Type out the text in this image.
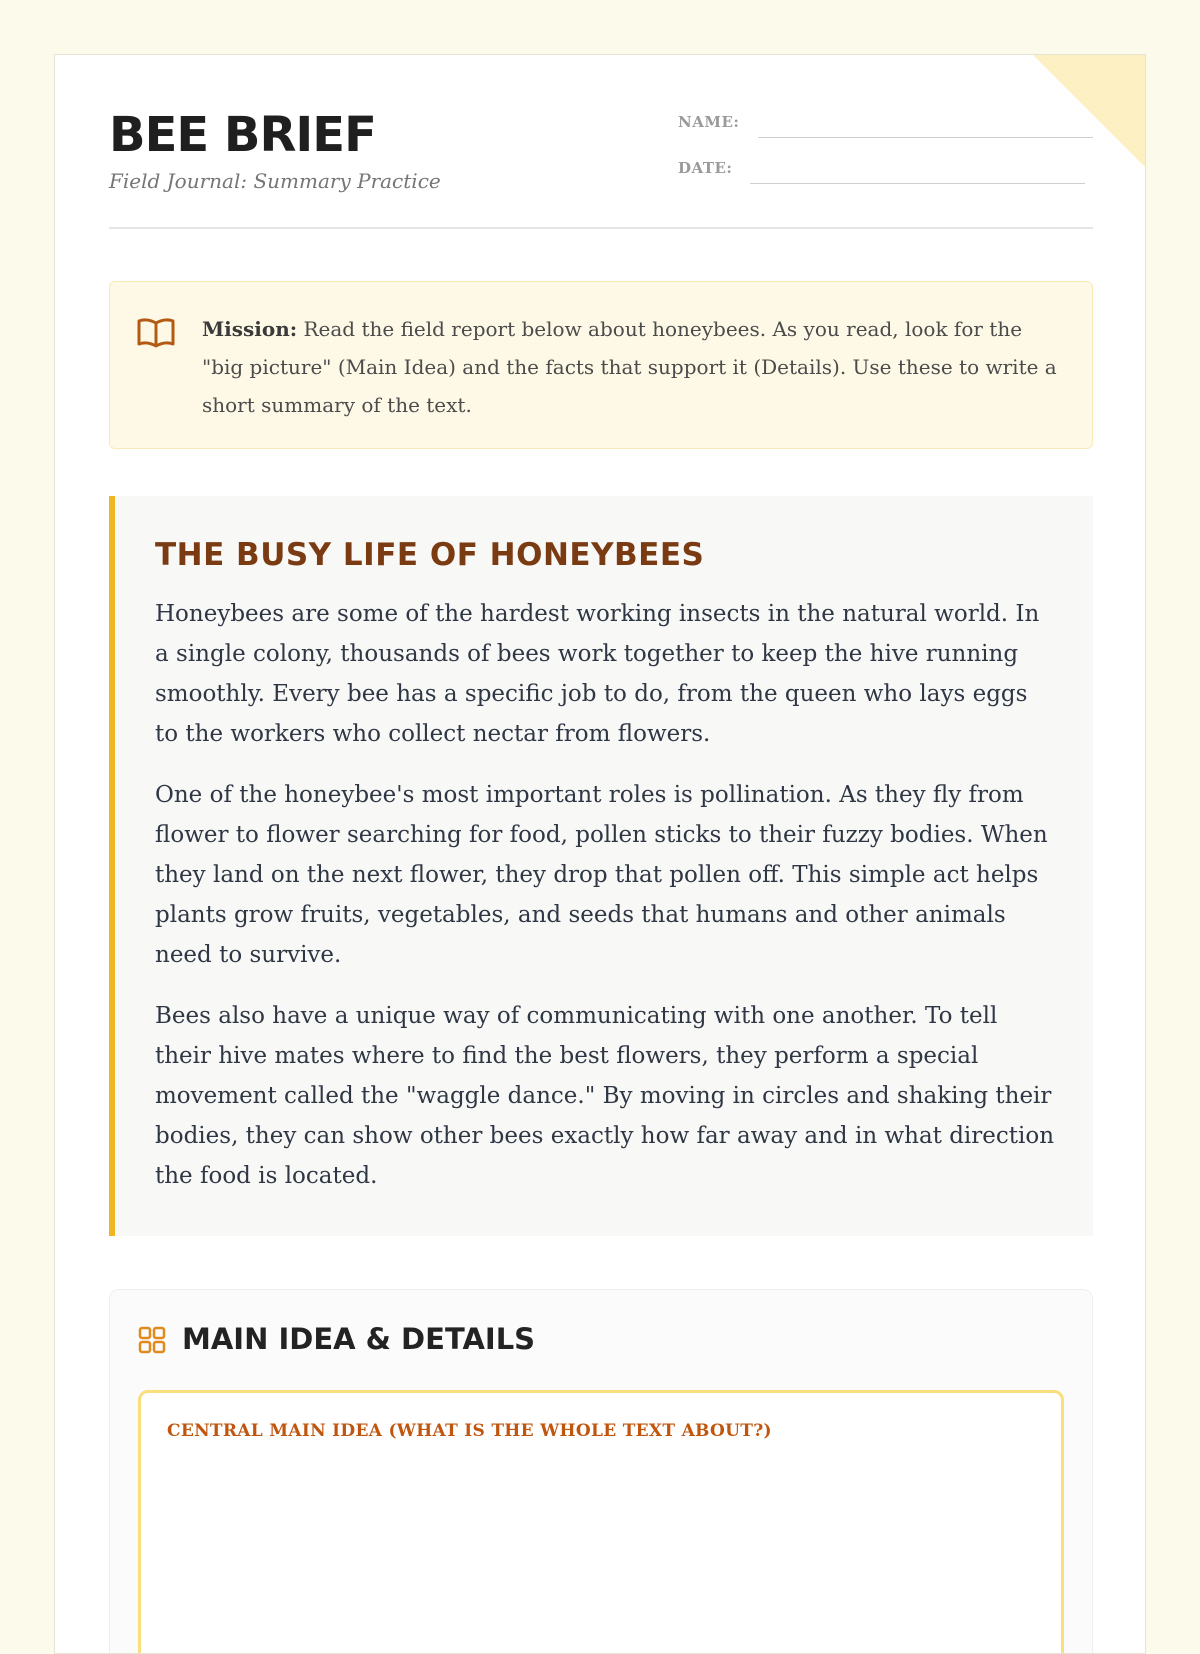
BEE BRIEF
Field Journal: Summary Practice
NAME:
DATE:
Mission: Read the field report below about honeybees. As you read, look for the "big picture" (Main Idea) and the facts that support it (Details). Use these to write a short summary of the text.
THE BUSY LIFE OF HONEYBEES

Honeybees are some of the hardest working insects in the natural world. In a single colony, thousands of bees work together to keep the hive running smoothly. Every bee has a specific job to do, from the queen who lays eggs to the workers who collect nectar from flowers.

One of the honeybee's most important roles is pollination. As they fly from flower to flower searching for food, pollen sticks to their fuzzy bodies. When they land on the next flower, they drop that pollen off. This simple act helps plants grow fruits, vegetables, and seeds that humans and other animals need to survive.

Bees also have a unique way of communicating with one another. To tell their hive mates where to find the best flowers, they perform a special movement called the "waggle dance." By moving in circles and shaking their bodies, they can show other bees exactly how far away and in what direction the food is located.

MAIN IDEA & DETAILS
CENTRAL MAIN IDEA (WHAT IS THE WHOLE TEXT ABOUT?)
